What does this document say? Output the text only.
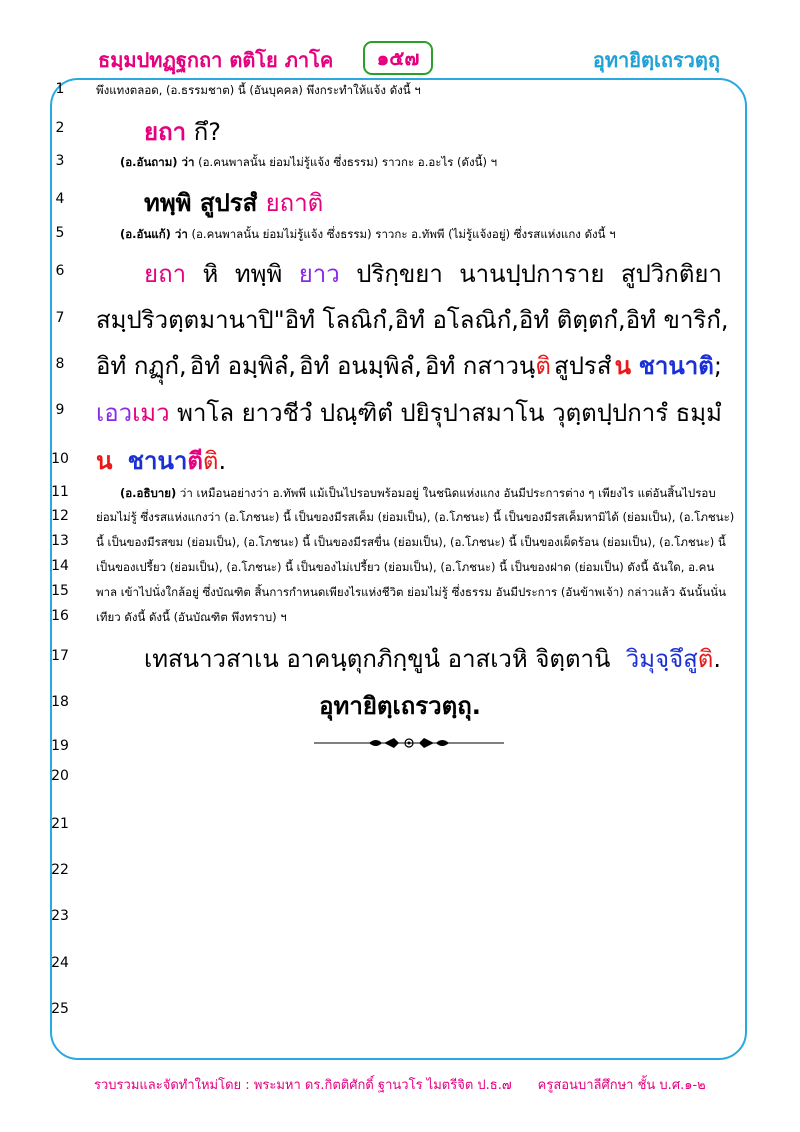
ธมฺมปทฏฺฐกถา ตติโย ภาโค	๑๕๗	อุทายิตฺเถรวตฺถุ
1
2
3
4
5
6
7
8
9
10
11
12
13
14
15
16
17
18
19
20
21
22
23
24
25
พึงแทงตลอด, (อ.ธรรมชาต) นี้ (อันบุคคล) พึงกระทำให้แจ้ง ดังนี้ ฯ
ยถา กึ?
(อ.อันถาม) ว่า (อ.คนพาลนั้น ย่อมไม่รู้แจ้ง ซึ่งธรรม) ราวกะ อ.อะไร (ดังนี้) ฯ
ทพฺพิ สูปรสํ ยถาติ
(อ.อันแก้) ว่า (อ.คนพาลนั้น ย่อมไม่รู้แจ้ง ซึ่งธรรม) ราวกะ อ.ทัพพี (ไม่รู้แจ้งอยู่) ซึ่งรสแห่งแกง ดังนี้ ฯ
ยถา หิ ทพฺพิ ยาว ปริกฺขยา นานปฺปการาย สูปวิกติยา
สมฺปริวตฺตมานาปิ "อิทํ โลณิกํ, อิทํ อโลณิกํ, อิทํ ติตฺตกํ, อิทํ ขาริกํ,
อิทํ กฏุกํ, อิทํ อมฺพิลํ, อิทํ อนมฺพิลํ, อิทํ กสาวนฺติ สูปรสํ น ชานาติ;
เอวเมว พาโล ยาวชีวํ ปณฺฑิตํ ปยิรุปาสมาโน วุตฺตปฺปการํ ธมฺมํ
น ชานาตีติ.
(อ.อธิบาย) ว่า เหมือนอย่างว่า อ.ทัพพี แม้เป็นไปรอบพร้อมอยู่ ในชนิดแห่งแกง อันมีประการต่าง ๆ เพียงไร แต่อันสิ้นไปรอบ
ย่อมไม่รู้ ซึ่งรสแห่งแกงว่า (อ.โภชนะ) นี้ เป็นของมีรสเค็ม (ย่อมเป็น), (อ.โภชนะ) นี้ เป็นของมีรสเค็มหามิได้ (ย่อมเป็น), (อ.โภชนะ)
นี้ เป็นของมีรสขม (ย่อมเป็น), (อ.โภชนะ) นี้ เป็นของมีรสขื่น (ย่อมเป็น), (อ.โภชนะ) นี้ เป็นของเผ็ดร้อน (ย่อมเป็น), (อ.โภชนะ) นี้
เป็นของเปรี้ยว (ย่อมเป็น), (อ.โภชนะ) นี้ เป็นของไม่เปรี้ยว (ย่อมเป็น), (อ.โภชนะ) นี้ เป็นของฝาด (ย่อมเป็น) ดังนี้ ฉันใด, อ.คน
พาล เข้าไปนั่งใกล้อยู่ ซึ่งบัณฑิต สิ้นการกำหนดเพียงไรแห่งชีวิต ย่อมไม่รู้ ซึ่งธรรม อันมีประการ (อันข้าพเจ้า) กล่าวแล้ว ฉันนั้นนั่น
เทียว ดังนี้ ดังนี้ (อันบัณฑิต พึงทราบ) ฯ
เทสนาวสาเน อาคนฺตุกภิกฺขูนํ อาสเวหิ จิตฺตานิ วิมุจฺจึสูติ.
อุทายิตฺเถรวตฺถุ.
รวบรวมและจัดทำใหม่โดย : พระมหา ดร.กิตติศักดิ์ ฐานวโร ไมตรีจิต ป.ธ.๗ ครูสอนบาลีศึกษา ชั้น บ.ศ.๑-๒
